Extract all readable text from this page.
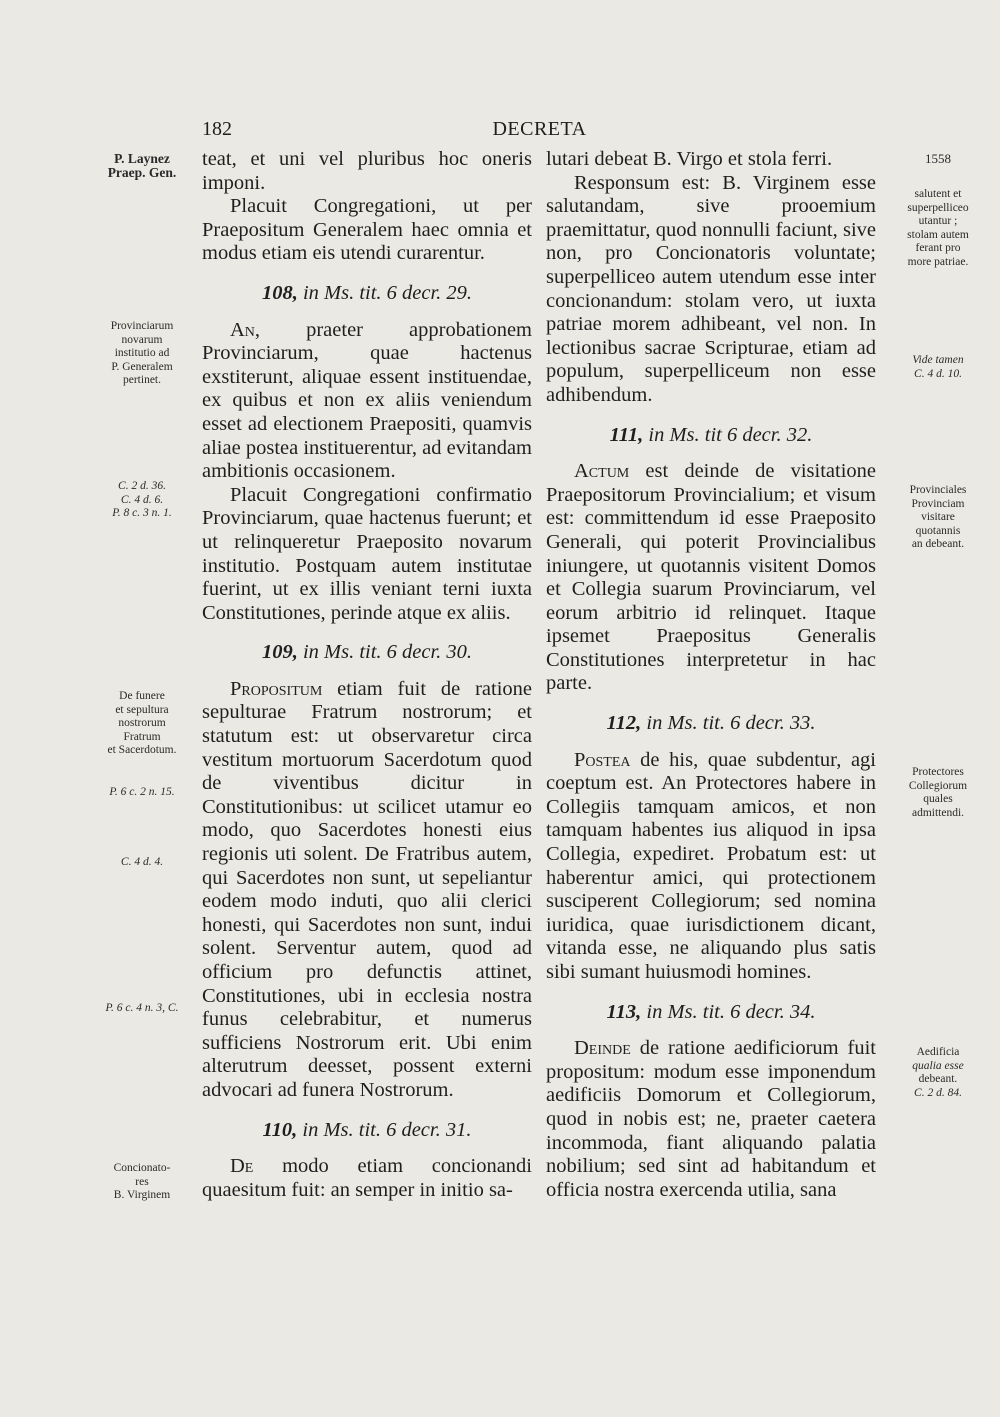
182	DECRETA
P. Laynez
Praep. Gen.
Provinciarum
novarum
institutio ad
P. Generalem
pertinet.
C. 2 d. 36.
C. 4 d. 6.
P. 8 c. 3 n. 1.
De funere
et sepultura
nostrorum
Fratrum
et Sacerdotum.
P. 6 c. 2 n. 15.
C. 4 d. 4.
P. 6 c. 4 n. 3, C.
Concionato-
res
B. Virginem
1558
salutent et
superpelliceo
utantur ;
stolam autem
ferant pro
more patriae.
Vide tamen
C. 4 d. 10.
Provinciales
Provinciam
visitare
quotannis
an debeant.
Protectores
Collegiorum
quales
admittendi.
Aedificia
qualia esse
debeant.
C. 2 d. 84.

teat, et uni vel pluribus hoc oneris imponi.

Placuit Congregationi, ut per Praepositum Generalem haec omnia et modus etiam eis utendi curarentur.

108, in Ms. tit. 6 decr. 29.

An, praeter approbationem Provinciarum, quae hactenus exstiterunt, aliquae essent instituendae, ex quibus et non ex aliis veniendum esset ad electionem Praepositi, quamvis aliae postea instituerentur, ad evitandam ambitionis occasionem.

Placuit Congregationi confirmatio Provinciarum, quae hactenus fuerunt; et ut relinqueretur Praeposito novarum institutio. Postquam autem institutae fuerint, ut ex illis veniant terni iuxta Constitutiones, perinde atque ex aliis.

109, in Ms. tit. 6 decr. 30.

Propositum etiam fuit de ratione sepulturae Fratrum nostrorum; et statutum est: ut observaretur circa vestitum mortuorum Sacerdotum quod de viventibus dicitur in Constitutionibus: ut scilicet utamur eo modo, quo Sacerdotes honesti eius regionis uti solent. De Fratribus autem, qui Sacerdotes non sunt, ut sepeliantur eodem modo induti, quo alii clerici honesti, qui Sacerdotes non sunt, indui solent. Serventur autem, quod ad officium pro defunctis attinet, Constitutiones, ubi in ecclesia nostra funus celebrabitur, et numerus sufficiens Nostrorum erit. Ubi enim alterutrum deesset, possent externi advocari ad funera Nostrorum.

110, in Ms. tit. 6 decr. 31.

De modo etiam concionandi quaesitum fuit: an semper in initio sa-

lutari debeat B. Virgo et stola ferri.

Responsum est: B. Virginem esse salutandam, sive prooemium praemittatur, quod nonnulli faciunt, sive non, pro Concionatoris voluntate; superpelliceo autem utendum esse inter concionandum: stolam vero, ut iuxta patriae morem adhibeant, vel non. In lectionibus sacrae Scripturae, etiam ad populum, superpelliceum non esse adhibendum.

111, in Ms. tit 6 decr. 32.

Actum est deinde de visitatione Praepositorum Provincialium; et visum est: committendum id esse Praeposito Generali, qui poterit Provincialibus iniungere, ut quotannis visitent Domos et Collegia suarum Provinciarum, vel eorum arbitrio id relinquet. Itaque ipsemet Praepositus Generalis Constitutiones interpretetur in hac parte.

112, in Ms. tit. 6 decr. 33.

Postea de his, quae subdentur, agi coeptum est. An Protectores habere in Collegiis tamquam amicos, et non tamquam habentes ius aliquod in ipsa Collegia, expediret. Probatum est: ut haberentur amici, qui protectionem susciperent Collegiorum; sed nomina iuridica, quae iurisdictionem dicant, vitanda esse, ne aliquando plus satis sibi sumant huiusmodi homines.

113, in Ms. tit. 6 decr. 34.

Deinde de ratione aedificiorum fuit propositum: modum esse imponendum aedificiis Domorum et Collegiorum, quod in nobis est; ne, praeter caetera incommoda, fiant aliquando palatia nobilium; sed sint ad habitandum et officia nostra exercenda utilia, sana
